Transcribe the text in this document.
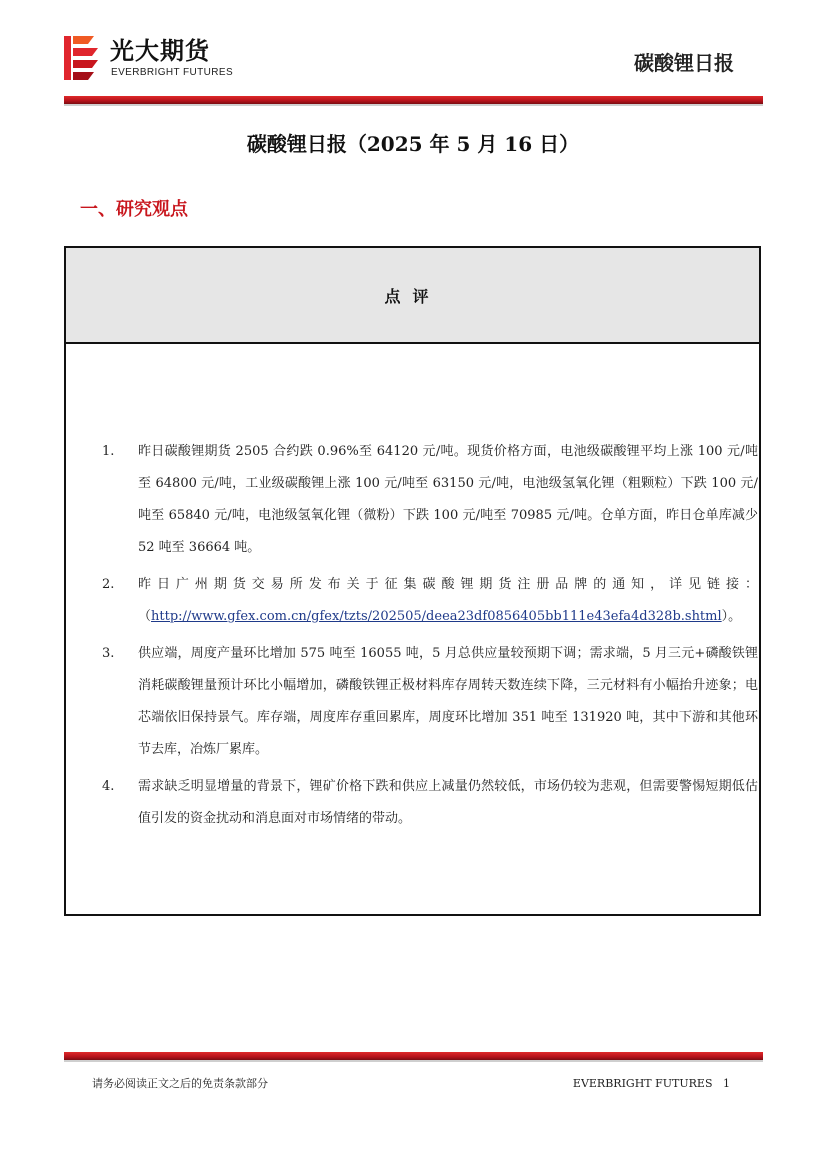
光大期货
EVERBRIGHT FUTURES	碳酸锂日报
碳酸锂日报（2025 年 5 月 16 日）
一、研究观点
点评
1. 昨日碳酸锂期货 2505 合约跌 0.96%至 64120 元/吨。现货价格方面，电池级碳酸锂平均上涨 100 元/吨至 64800 元/吨，工业级碳酸锂上涨 100 元/吨至 63150 元/吨，电池级氢氧化锂（粗颗粒）下跌 100 元/吨至 65840 元/吨，电池级氢氧化锂（微粉）下跌 100 元/吨至 70985 元/吨。仓单方面，昨日仓单库减少 52 吨至 36664 吨。
2. 昨日广州期货交易所发布关于征集碳酸锂期货注册品牌的通知，详见链接：（http://www.gfex.com.cn/gfex/tzts/202505/deea23df0856405bb111e43efa4d328b.shtml）。
3. 供应端，周度产量环比增加 575 吨至 16055 吨，5 月总供应量较预期下调；需求端，5 月三元+磷酸铁锂消耗碳酸锂量预计环比小幅增加，磷酸铁锂正极材料库存周转天数连续下降，三元材料有小幅抬升迹象；电芯端依旧保持景气。库存端，周度库存重回累库，周度环比增加 351 吨至 131920 吨，其中下游和其他环节去库，冶炼厂累库。
4. 需求缺乏明显增量的背景下，锂矿价格下跌和供应上减量仍然较低，市场仍较为悲观，但需要警惕短期低估值引发的资金扰动和消息面对市场情绪的带动。
请务必阅读正文之后的免责条款部分	EVERBRIGHT FUTURES 1
